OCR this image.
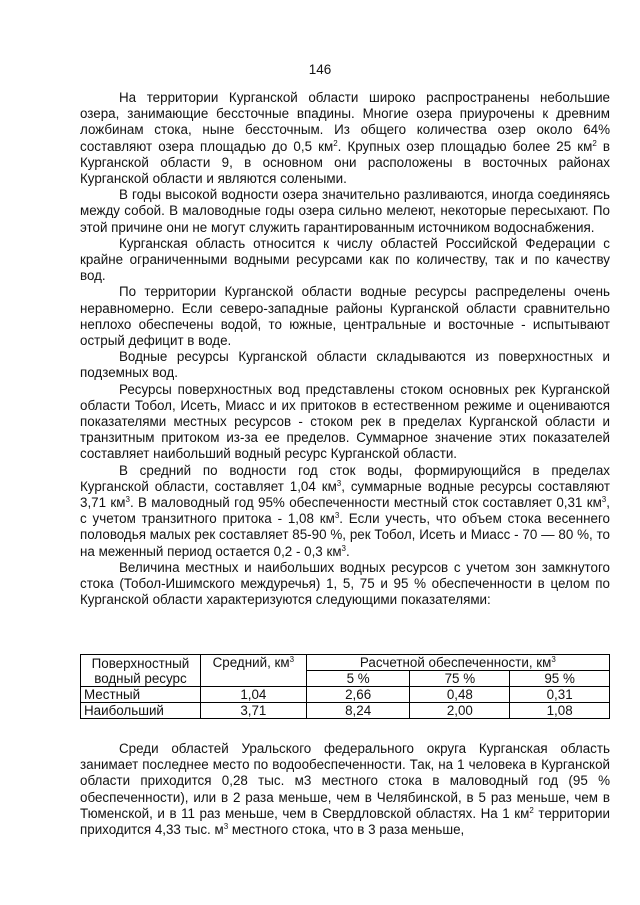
146

На территории Курганской области широко распространены небольшие озера, занимающие бессточные впадины. Многие озера приурочены к древним ложбинам стока, ныне бессточным. Из общего количества озер около 64% составляют озера площадью до 0,5 $км^2$. Крупных озер площадью более 25 $км^2$ в Курганской области 9, в основном они расположены в восточных районах Курганской области и являются солеными.

В годы высокой водности озера значительно разливаются, иногда соединяясь между собой. В маловодные годы озера сильно мелеют, некоторые пересыхают. По этой причине они не могут служить гарантированным источником водоснабжения.

Курганская область относится к числу областей Российской Федерации с крайне ограниченными водными ресурсами как по количеству, так и по качеству вод.

По территории Курганской области водные ресурсы распределены очень неравномерно. Если северо-западные районы Курганской области сравнительно неплохо обеспечены водой, то южные, центральные и восточные - испытывают острый дефицит в воде.

Водные ресурсы Курганской области складываются из поверхностных и подземных вод.

Ресурсы поверхностных вод представлены стоком основных рек Курганской области Тобол, Исеть, Миасс и их притоков в естественном режиме и оцениваются показателями местных ресурсов - стоком рек в пределах Курганской области и транзитным притоком из-за ее пределов. Суммарное значение этих показателей составляет наибольший водный ресурс Курганской области.

В средний по водности год сток воды, формирующийся в пределах Курганской области, составляет 1,04 $км^3$, суммарные водные ресурсы составляют 3,71 $км^3$. В маловодный год 95% обеспеченности местный сток составляет 0,31 $км^3$, с учетом транзитного притока - 1,08 $км^3$. Если учесть, что объем стока весеннего половодья малых рек составляет 85-90 %, рек Тобол, Исеть и Миасс - 70 — 80 %, то на меженный период остается 0,2 - 0,3 $км^3$.

Величина местных и наибольших водных ресурсов с учетом зон замкнутого стока (Тобол-Ишимского междуречья) 1, 5, 75 и 95 % обеспеченности в целом по Курганской области характеризуются следующими показателями:

Поверхностный
водный ресурс	Средний, $км^3$	Расчетной обеспеченности, $км^3$
		5 %	75 %	95 %
Местный	1,04	2,66	0,48	0,31
Наибольший	3,71	8,24	2,00	1,08

Среди областей Уральского федерального округа Курганская область занимает последнее место по водообеспеченности. Так, на 1 человека в Курганской области приходится 0,28 тыс. м3 местного стока в маловодный год (95 % обеспеченности), или в 2 раза меньше, чем в Челябинской, в 5 раз меньше, чем в Тюменской, и в 11 раз меньше, чем в Свердловской областях. На 1 $км^2$ территории приходится 4,33 тыс. $м^3$ местного стока, что в 3 раза меньше,
